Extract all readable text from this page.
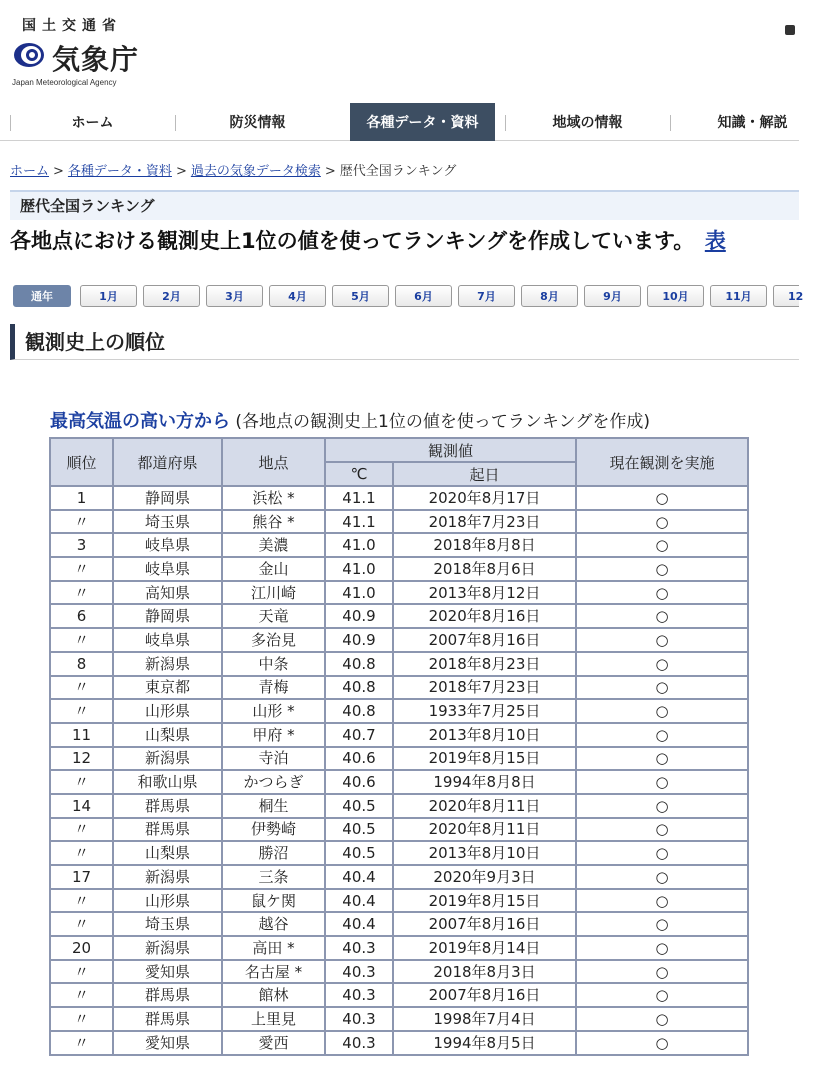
国土交通省
気象庁
Japan Meteorological Agency
ホーム	防災情報	各種データ・資料	地域の情報	知識・解説
ホーム > 各種データ・資料 > 過去の気象データ検索 > 歴代全国ランキング
歴代全国ランキング
各地点における観測史上1位の値を使ってランキングを作成しています。　 表
通年	1月	2月	3月	4月	5月	6月	7月	8月	9月	10月	11月	12
観測史上の順位
最高気温の高い方から (各地点の観測史上1位の値を使ってランキングを作成)
順位	都道府県	地点	観測値		現在観測を実施
			℃	起日	
1	静岡県	浜松 *	41.1	2020年8月17日	○
〃	埼玉県	熊谷 *	41.1	2018年7月23日	○
3	岐阜県	美濃	41.0	2018年8月8日	○
〃	岐阜県	金山	41.0	2018年8月6日	○
〃	高知県	江川崎	41.0	2013年8月12日	○
6	静岡県	天竜	40.9	2020年8月16日	○
〃	岐阜県	多治見	40.9	2007年8月16日	○
8	新潟県	中条	40.8	2018年8月23日	○
〃	東京都	青梅	40.8	2018年7月23日	○
〃	山形県	山形 *	40.8	1933年7月25日	○
11	山梨県	甲府 *	40.7	2013年8月10日	○
12	新潟県	寺泊	40.6	2019年8月15日	○
〃	和歌山県	かつらぎ	40.6	1994年8月8日	○
14	群馬県	桐生	40.5	2020年8月11日	○
〃	群馬県	伊勢崎	40.5	2020年8月11日	○
〃	山梨県	勝沼	40.5	2013年8月10日	○
17	新潟県	三条	40.4	2020年9月3日	○
〃	山形県	鼠ケ関	40.4	2019年8月15日	○
〃	埼玉県	越谷	40.4	2007年8月16日	○
20	新潟県	高田 *	40.3	2019年8月14日	○
〃	愛知県	名古屋 *	40.3	2018年8月3日	○
〃	群馬県	館林	40.3	2007年8月16日	○
〃	群馬県	上里見	40.3	1998年7月4日	○
〃	愛知県	愛西	40.3	1994年8月5日	○
